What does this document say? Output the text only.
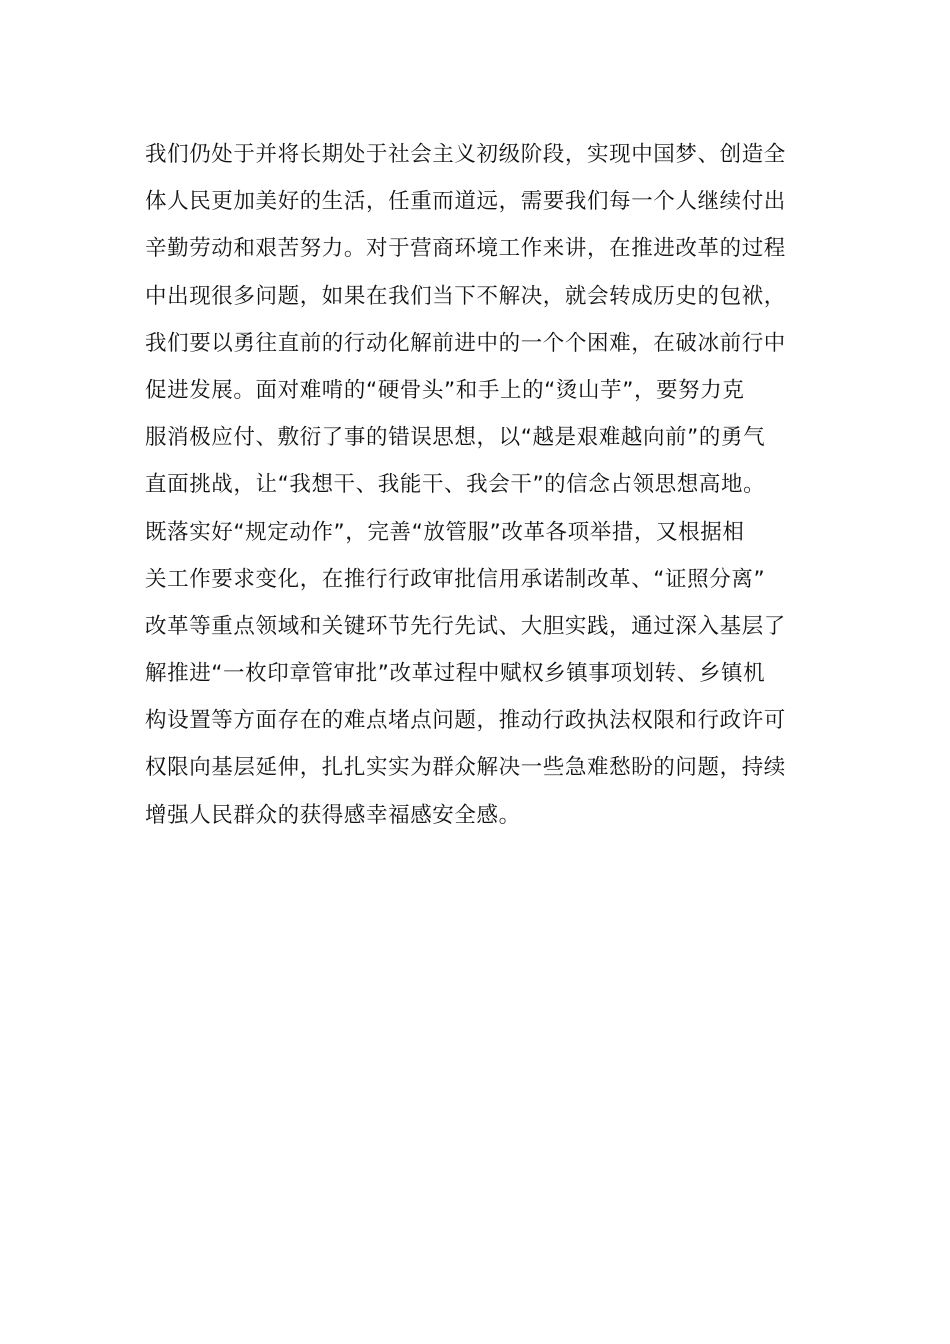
我们仍处于并将长期处于社会主义初级阶段，实现中国梦、创造全
体人民更加美好的生活，任重而道远，需要我们每一个人继续付出
辛勤劳动和艰苦努力。对于营商环境工作来讲，在推进改革的过程
中出现很多问题，如果在我们当下不解决，就会转成历史的包袱，
我们要以勇往直前的行动化解前进中的一个个困难，在破冰前行中
促进发展。面对难啃的“硬骨头”和手上的“烫山芋”，要努力克
服消极应付、敷衍了事的错误思想，以“越是艰难越向前”的勇气
直面挑战，让“我想干、我能干、我会干”的信念占领思想高地。
既落实好“规定动作”，完善“放管服”改革各项举措，又根据相
关工作要求变化，在推行行政审批信用承诺制改革、“证照分离”
改革等重点领域和关键环节先行先试、大胆实践，通过深入基层了
解推进“一枚印章管审批”改革过程中赋权乡镇事项划转、乡镇机
构设置等方面存在的难点堵点问题，推动行政执法权限和行政许可
权限向基层延伸，扎扎实实为群众解决一些急难愁盼的问题，持续
增强人民群众的获得感幸福感安全感。
